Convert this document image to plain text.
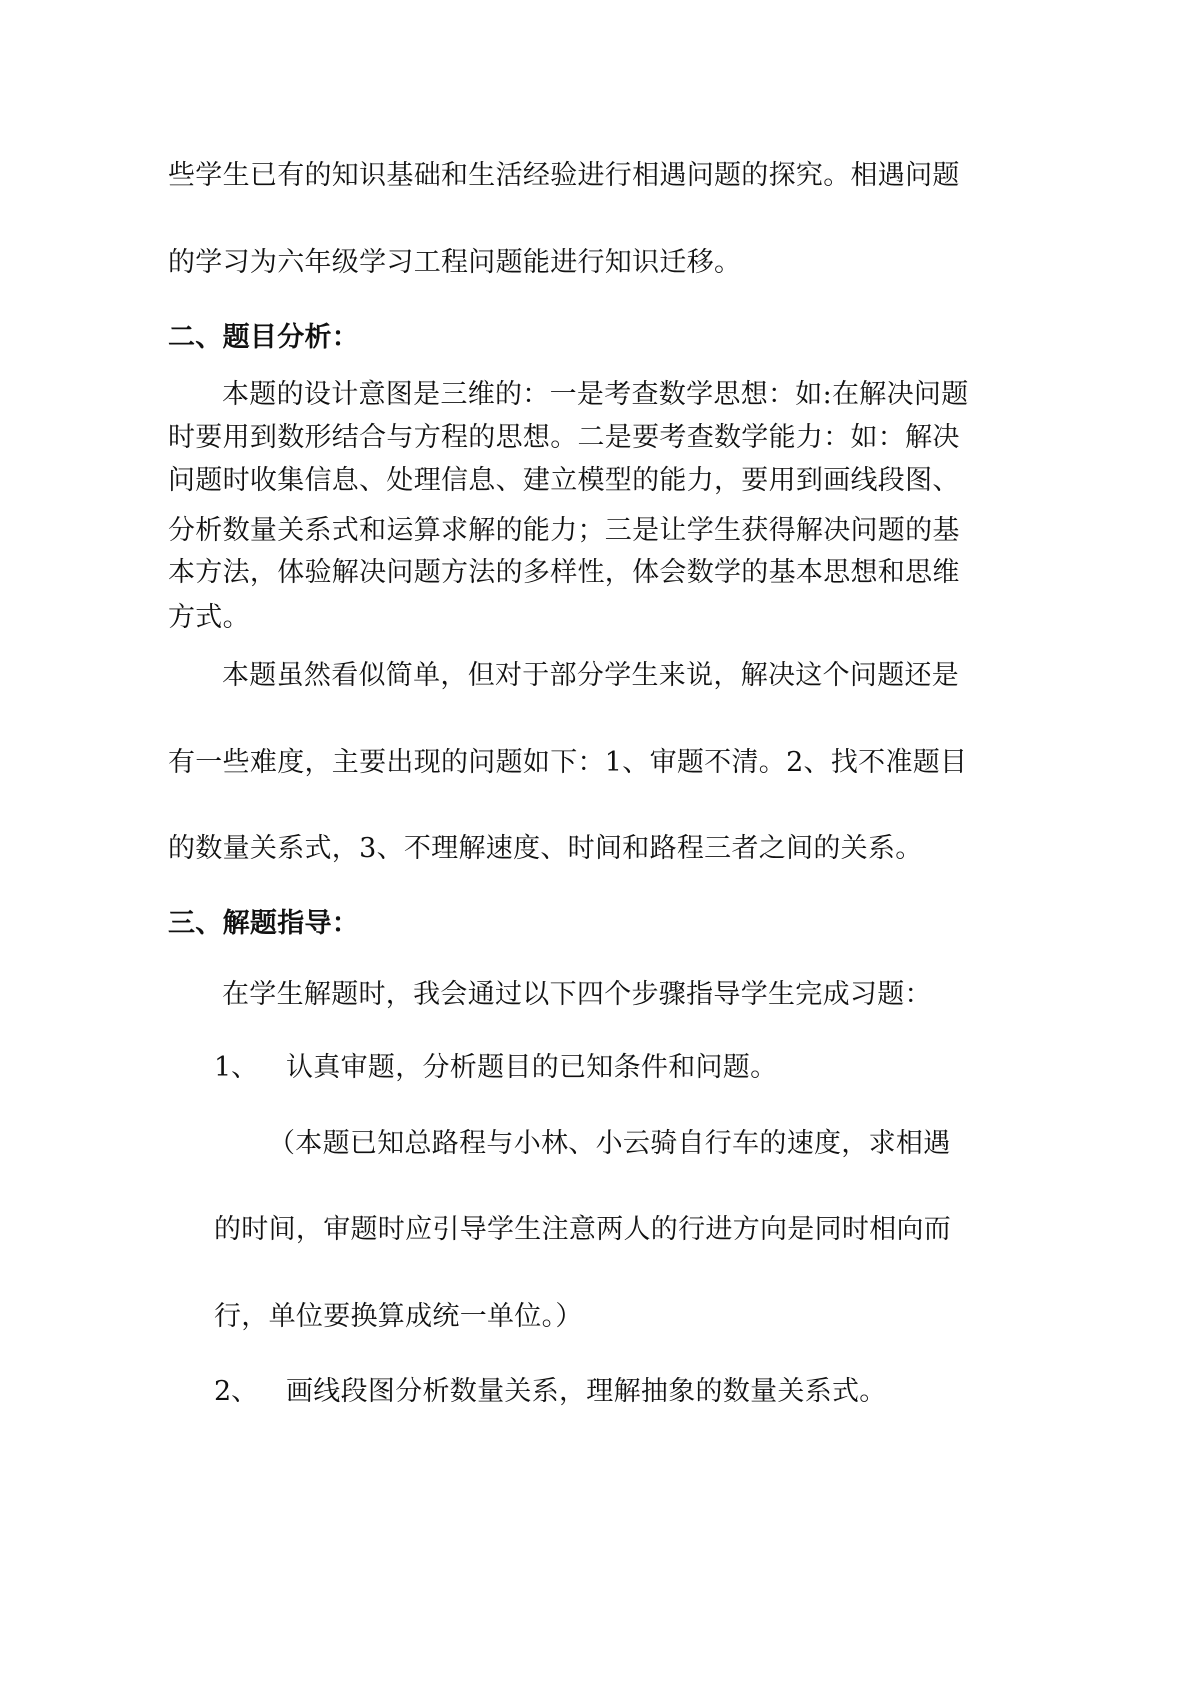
些学生已有的知识基础和生活经验进行相遇问题的探究。相遇问题
的学习为六年级学习工程问题能进行知识迁移。
二、题目分析：
本题的设计意图是三维的：一是考查数学思想：如:在解决问题
时要用到数形结合与方程的思想。二是要考查数学能力：如：解决
问题时收集信息、处理信息、建立模型的能力，要用到画线段图、
分析数量关系式和运算求解的能力；三是让学生获得解决问题的基
本方法，体验解决问题方法的多样性，体会数学的基本思想和思维
方式。
本题虽然看似简单，但对于部分学生来说，解决这个问题还是
有一些难度，主要出现的问题如下：1、审题不清。2、找不准题目
的数量关系式，3、不理解速度、时间和路程三者之间的关系。
三、解题指导：
在学生解题时，我会通过以下四个步骤指导学生完成习题：
1、 认真审题，分析题目的已知条件和问题。
（本题已知总路程与小林、小云骑自行车的速度，求相遇
的时间，审题时应引导学生注意两人的行进方向是同时相向而
行，单位要换算成统一单位。）
2、 画线段图分析数量关系，理解抽象的数量关系式。
